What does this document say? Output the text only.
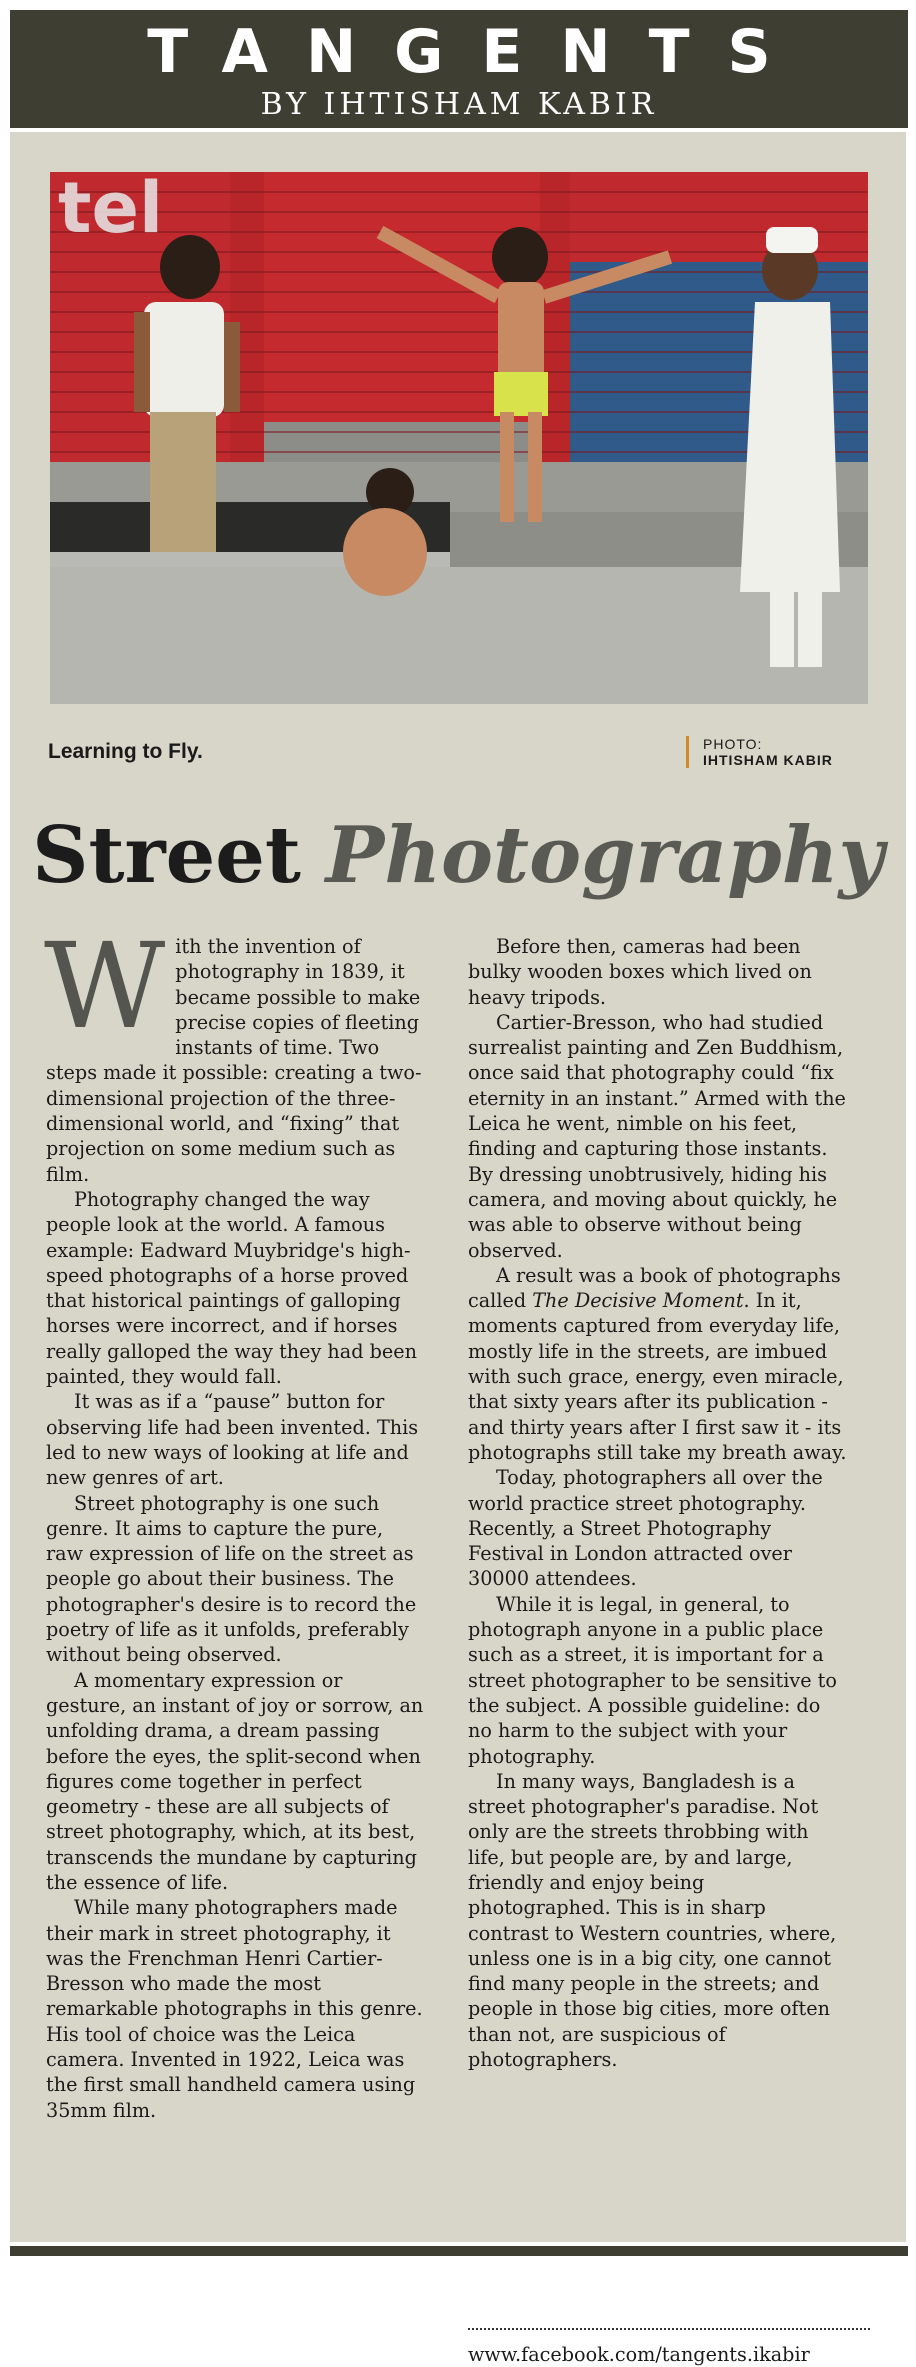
TANGENTS
BY IHTISHAM KABIR
tel
Learning to Fly.	PHOTO:
IHTISHAM KABIR
Street Photography

With the invention of photography in 1839, it became possible to make precise copies of fleeting instants of time. Two steps made it possible: creating a two-dimensional projection of the three-dimensional world, and “fixing” that projection on some medium such as film.

Photography changed the way people look at the world. A famous example: Eadward Muybridge's high-speed photographs of a horse proved that historical paintings of galloping horses were incorrect, and if horses really galloped the way they had been painted, they would fall.

It was as if a “pause” button for observing life had been invented. This led to new ways of looking at life and new genres of art.

Street photography is one such genre. It aims to capture the pure, raw expression of life on the street as people go about their business. The photographer's desire is to record the poetry of life as it unfolds, preferably without being observed.

A momentary expression or gesture, an instant of joy or sorrow, an unfolding drama, a dream passing before the eyes, the split-second when figures come together in perfect geometry - these are all subjects of street photography, which, at its best, transcends the mundane by capturing the essence of life.

While many photographers made their mark in street photography, it was the Frenchman Henri Cartier-Bresson who made the most remarkable photographs in this genre. His tool of choice was the Leica camera. Invented in 1922, Leica was the first small handheld camera using 35mm film.

Before then, cameras had been bulky wooden boxes which lived on heavy tripods.

Cartier-Bresson, who had studied surrealist painting and Zen Buddhism, once said that photography could “fix eternity in an instant.” Armed with the Leica he went, nimble on his feet, finding and capturing those instants. By dressing unobtrusively, hiding his camera, and moving about quickly, he was able to observe without being observed.

A result was a book of photographs called The Decisive Moment. In it, moments captured from everyday life, mostly life in the streets, are imbued with such grace, energy, even miracle, that sixty years after its publication - and thirty years after I first saw it - its photographs still take my breath away.

Today, photographers all over the world practice street photography. Recently, a Street Photography Festival in London attracted over 30000 attendees.

While it is legal, in general, to photograph anyone in a public place such as a street, it is important for a street photographer to be sensitive to the subject. A possible guideline: do no harm to the subject with your photography.

In many ways, Bangladesh is a street photographer's paradise. Not only are the streets throbbing with life, but people are, by and large, friendly and enjoy being photographed. This is in sharp contrast to Western countries, where, unless one is in a big city, one cannot find many people in the streets; and people in those big cities, more often than not, are suspicious of photographers.

www.facebook.com/tangents.ikabir
